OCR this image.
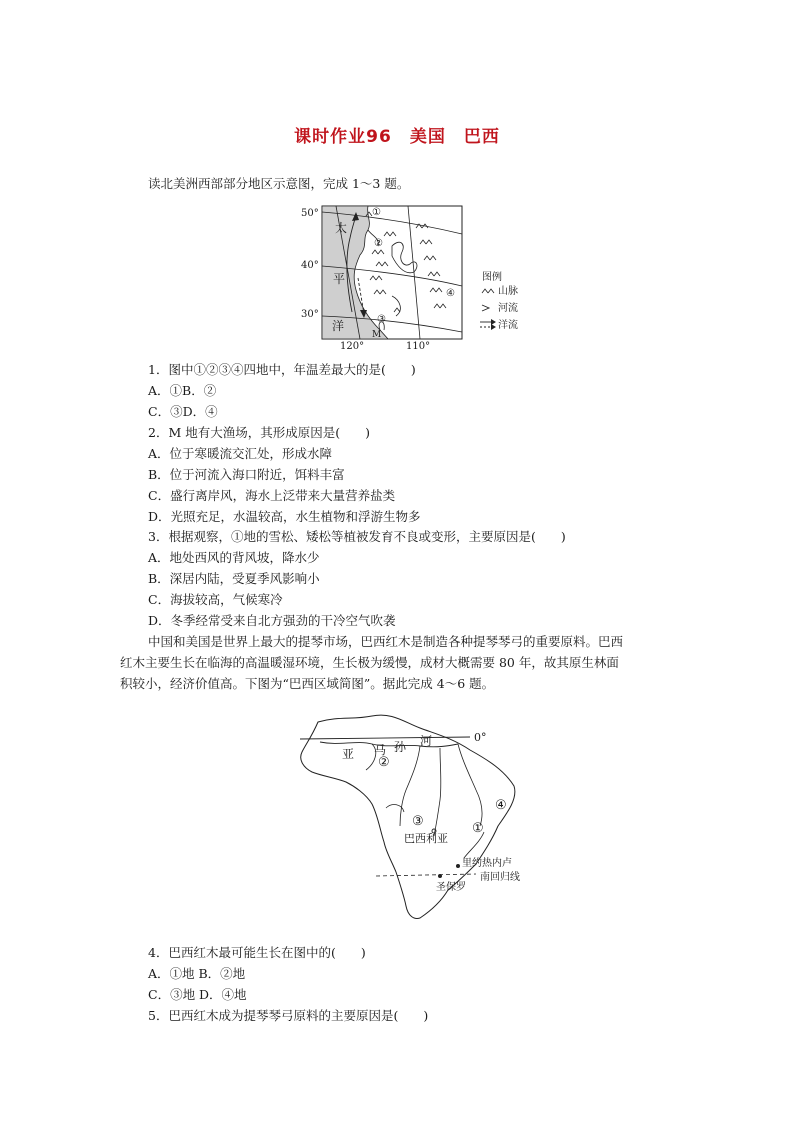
课时作业96　美国　巴西
读北美洲西部部分地区示意图，完成 1～3 题。
50°
40°
30°
120°	110°
太
平
洋
①
②
③
④
M
图例
山脉
河流
洋流
1．图中①②③④四地中，年温差最大的是(　　)
A．①B．②
C．③D．④
2．M 地有大渔场，其形成原因是(　　)
A．位于寒暖流交汇处，形成水障
B．位于河流入海口附近，饵料丰富
C．盛行离岸风，海水上泛带来大量营养盐类
D．光照充足，水温较高，水生植物和浮游生物多
3．根据观察，①地的雪松、矮松等植被发育不良或变形，主要原因是(　　)
A．地处西风的背风坡，降水少
B．深居内陆，受夏季风影响小
C．海拔较高，气候寒冷
D．冬季经常受来自北方强劲的干冷空气吹袭
中国和美国是世界上最大的提琴市场，巴西红木是制造各种提琴琴弓的重要原料。巴西
红木主要生长在临海的高温暖湿环境，生长极为缓慢，成材大概需要 80 年，故其原生林面
积较小，经济价值高。下图为“巴西区域简图”。据此完成 4～6 题。
0°
亚 马 孙 河
①
②
③
④
巴西利亚
里约热内卢
圣保罗
南回归线
4．巴西红木最可能生长在图中的(　　)
A．①地 B．②地
C．③地 D．④地
5．巴西红木成为提琴琴弓原料的主要原因是(　　)
